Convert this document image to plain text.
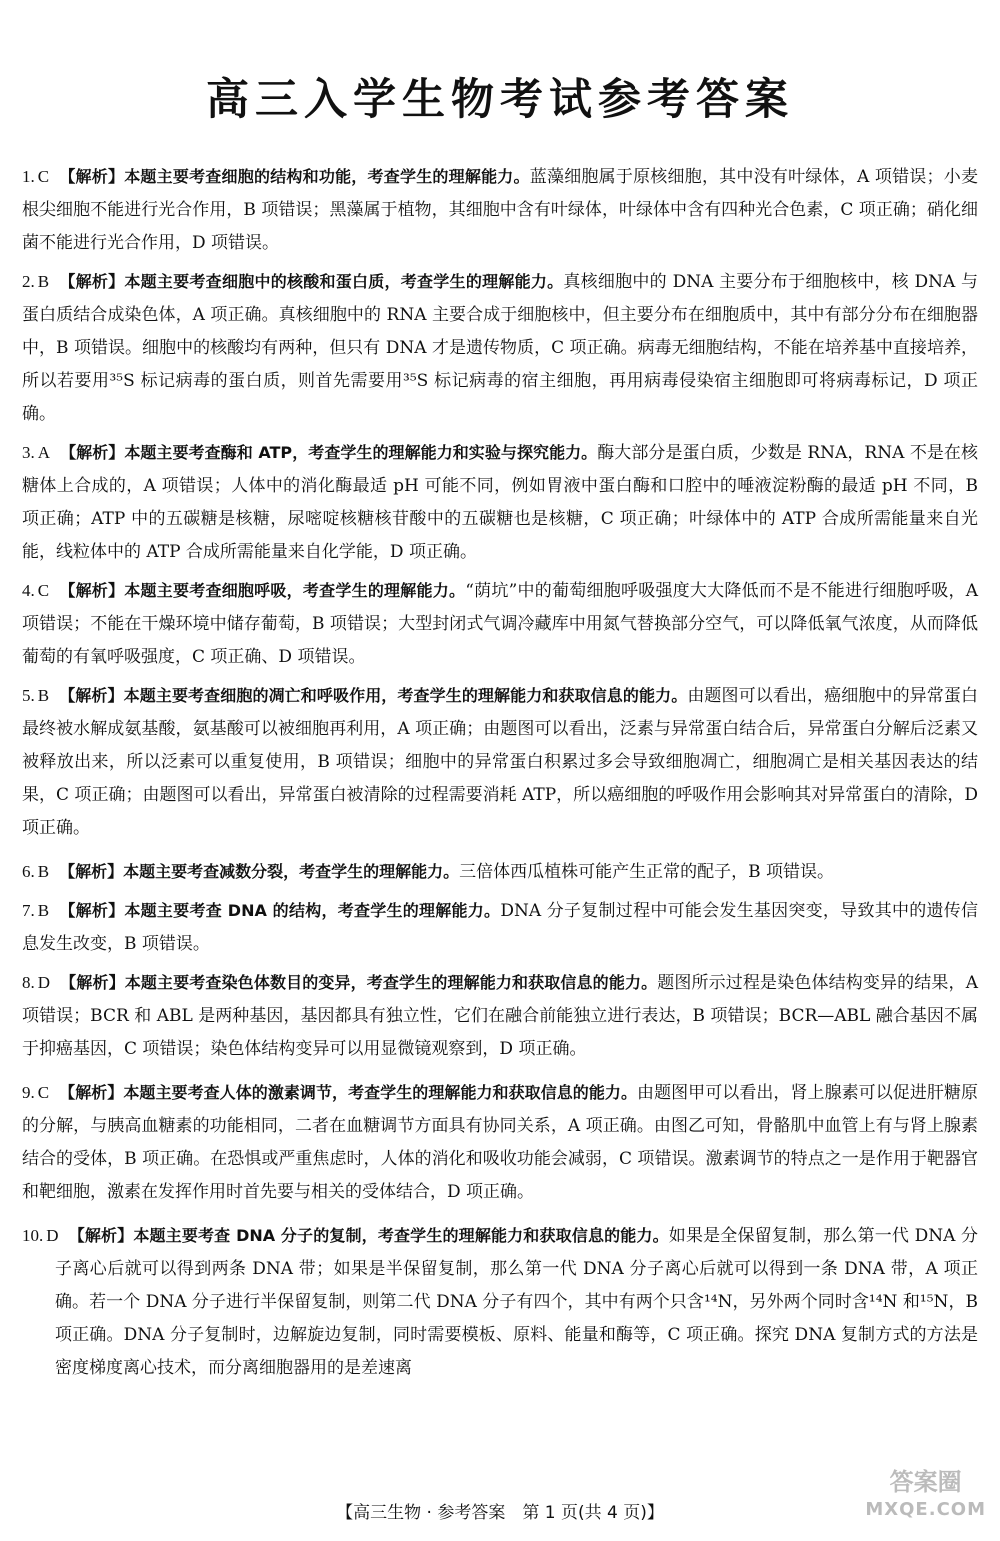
高三入学生物考试参考答案
1. C 【解析】本题主要考查细胞的结构和功能，考查学生的理解能力。蓝藻细胞属于原核细胞，其中没有叶绿体，A 项错误；小麦根尖细胞不能进行光合作用，B 项错误；黑藻属于植物，其细胞中含有叶绿体，叶绿体中含有四种光合色素，C 项正确；硝化细菌不能进行光合作用，D 项错误。
2. B 【解析】本题主要考查细胞中的核酸和蛋白质，考查学生的理解能力。真核细胞中的 DNA 主要分布于细胞核中，核 DNA 与蛋白质结合成染色体，A 项正确。真核细胞中的 RNA 主要合成于细胞核中，但主要分布在细胞质中，其中有部分分布在细胞器中，B 项错误。细胞中的核酸均有两种，但只有 DNA 才是遗传物质，C 项正确。病毒无细胞结构，不能在培养基中直接培养，所以若要用³⁵S 标记病毒的蛋白质，则首先需要用³⁵S 标记病毒的宿主细胞，再用病毒侵染宿主细胞即可将病毒标记，D 项正确。
3. A 【解析】本题主要考查酶和 ATP，考查学生的理解能力和实验与探究能力。酶大部分是蛋白质，少数是 RNA，RNA 不是在核糖体上合成的，A 项错误；人体中的消化酶最适 pH 可能不同，例如胃液中蛋白酶和口腔中的唾液淀粉酶的最适 pH 不同，B 项正确；ATP 中的五碳糖是核糖，尿嘧啶核糖核苷酸中的五碳糖也是核糖，C 项正确；叶绿体中的 ATP 合成所需能量来自光能，线粒体中的 ATP 合成所需能量来自化学能，D 项正确。
4. C 【解析】本题主要考查细胞呼吸，考查学生的理解能力。“荫坑”中的葡萄细胞呼吸强度大大降低而不是不能进行细胞呼吸，A 项错误；不能在干燥环境中储存葡萄，B 项错误；大型封闭式气调冷藏库中用氮气替换部分空气，可以降低氧气浓度，从而降低葡萄的有氧呼吸强度，C 项正确、D 项错误。
5. B 【解析】本题主要考查细胞的凋亡和呼吸作用，考查学生的理解能力和获取信息的能力。由题图可以看出，癌细胞中的异常蛋白最终被水解成氨基酸，氨基酸可以被细胞再利用，A 项正确；由题图可以看出，泛素与异常蛋白结合后，异常蛋白分解后泛素又被释放出来，所以泛素可以重复使用，B 项错误；细胞中的异常蛋白积累过多会导致细胞凋亡，细胞凋亡是相关基因表达的结果，C 项正确；由题图可以看出，异常蛋白被清除的过程需要消耗 ATP，所以癌细胞的呼吸作用会影响其对异常蛋白的清除，D 项正确。
6. B 【解析】本题主要考查减数分裂，考查学生的理解能力。三倍体西瓜植株可能产生正常的配子，B 项错误。
7. B 【解析】本题主要考查 DNA 的结构，考查学生的理解能力。DNA 分子复制过程中可能会发生基因突变，导致其中的遗传信息发生改变，B 项错误。
8. D 【解析】本题主要考查染色体数目的变异，考查学生的理解能力和获取信息的能力。题图所示过程是染色体结构变异的结果，A 项错误；BCR 和 ABL 是两种基因，基因都具有独立性，它们在融合前能独立进行表达，B 项错误；BCR—ABL 融合基因不属于抑癌基因，C 项错误；染色体结构变异可以用显微镜观察到，D 项正确。
9. C 【解析】本题主要考查人体的激素调节，考查学生的理解能力和获取信息的能力。由题图甲可以看出，肾上腺素可以促进肝糖原的分解，与胰高血糖素的功能相同，二者在血糖调节方面具有协同关系，A 项正确。由图乙可知，骨骼肌中血管上有与肾上腺素结合的受体，B 项正确。在恐惧或严重焦虑时，人体的消化和吸收功能会减弱，C 项错误。激素调节的特点之一是作用于靶器官和靶细胞，激素在发挥作用时首先要与相关的受体结合，D 项正确。
10. D 【解析】本题主要考查 DNA 分子的复制，考查学生的理解能力和获取信息的能力。如果是全保留复制，那么第一代 DNA 分子离心后就可以得到两条 DNA 带；如果是半保留复制，那么第一代 DNA 分子离心后就可以得到一条 DNA 带，A 项正确。若一个 DNA 分子进行半保留复制，则第二代 DNA 分子有四个，其中有两个只含¹⁴N，另外两个同时含¹⁴N 和¹⁵N，B 项正确。DNA 分子复制时，边解旋边复制，同时需要模板、原料、能量和酶等，C 项正确。探究 DNA 复制方式的方法是密度梯度离心技术，而分离细胞器用的是差速离
【高三生物 · 参考答案　第 1 页(共 4 页)】
答案圈
MXQE.COM
